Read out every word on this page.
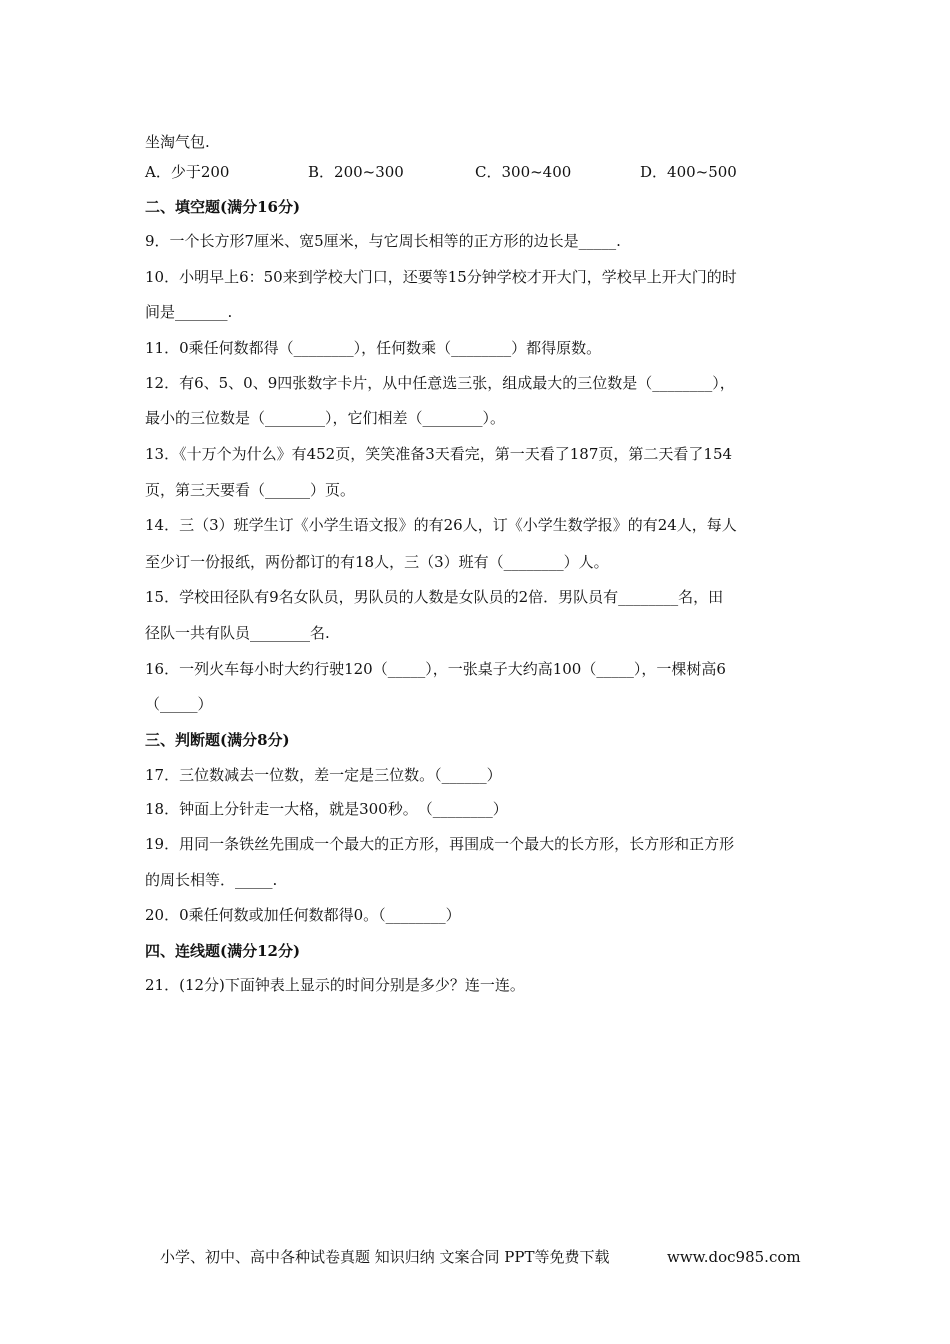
坐淘气包.
A．少于200	B．200~300	C．300~400	D．400~500
二、填空题(满分16分)
9．一个长方形7厘米、宽5厘米，与它周长相等的正方形的边长是_____.
10．小明早上6：50来到学校大门口，还要等15分钟学校才开大门，学校早上开大门的时
间是_______.
11．0乘任何数都得（________），任何数乘（________）都得原数。
12．有6、5、0、9四张数字卡片，从中任意选三张，组成最大的三位数是（________），
最小的三位数是（________），它们相差（________）。
13．《十万个为什么》有452页，笑笑准备3天看完，第一天看了187页，第二天看了154
页，第三天要看（______）页。
14．三（3）班学生订《小学生语文报》的有26人，订《小学生数学报》的有24人，每人
至少订一份报纸，两份都订的有18人，三（3）班有（________）人。
15．学校田径队有9名女队员，男队员的人数是女队员的2倍．男队员有________名，田
径队一共有队员________名.
16．一列火车每小时大约行驶120（_____），一张桌子大约高100（_____），一棵树高6
（_____）
三、判断题(满分8分)
17．三位数减去一位数，差一定是三位数。（______）
18．钟面上分针走一大格，就是300秒。　（________）
19．用同一条铁丝先围成一个最大的正方形，再围成一个最大的长方形，长方形和正方形
的周长相等．_____.
20．0乘任何数或加任何数都得0。（________）
四、连线题(满分12分)
21．(12分)下面钟表上显示的时间分别是多少？连一连。
小学、初中、高中各种试卷真题 知识归纳 文案合同 PPT等免费下载	www.doc985.com
